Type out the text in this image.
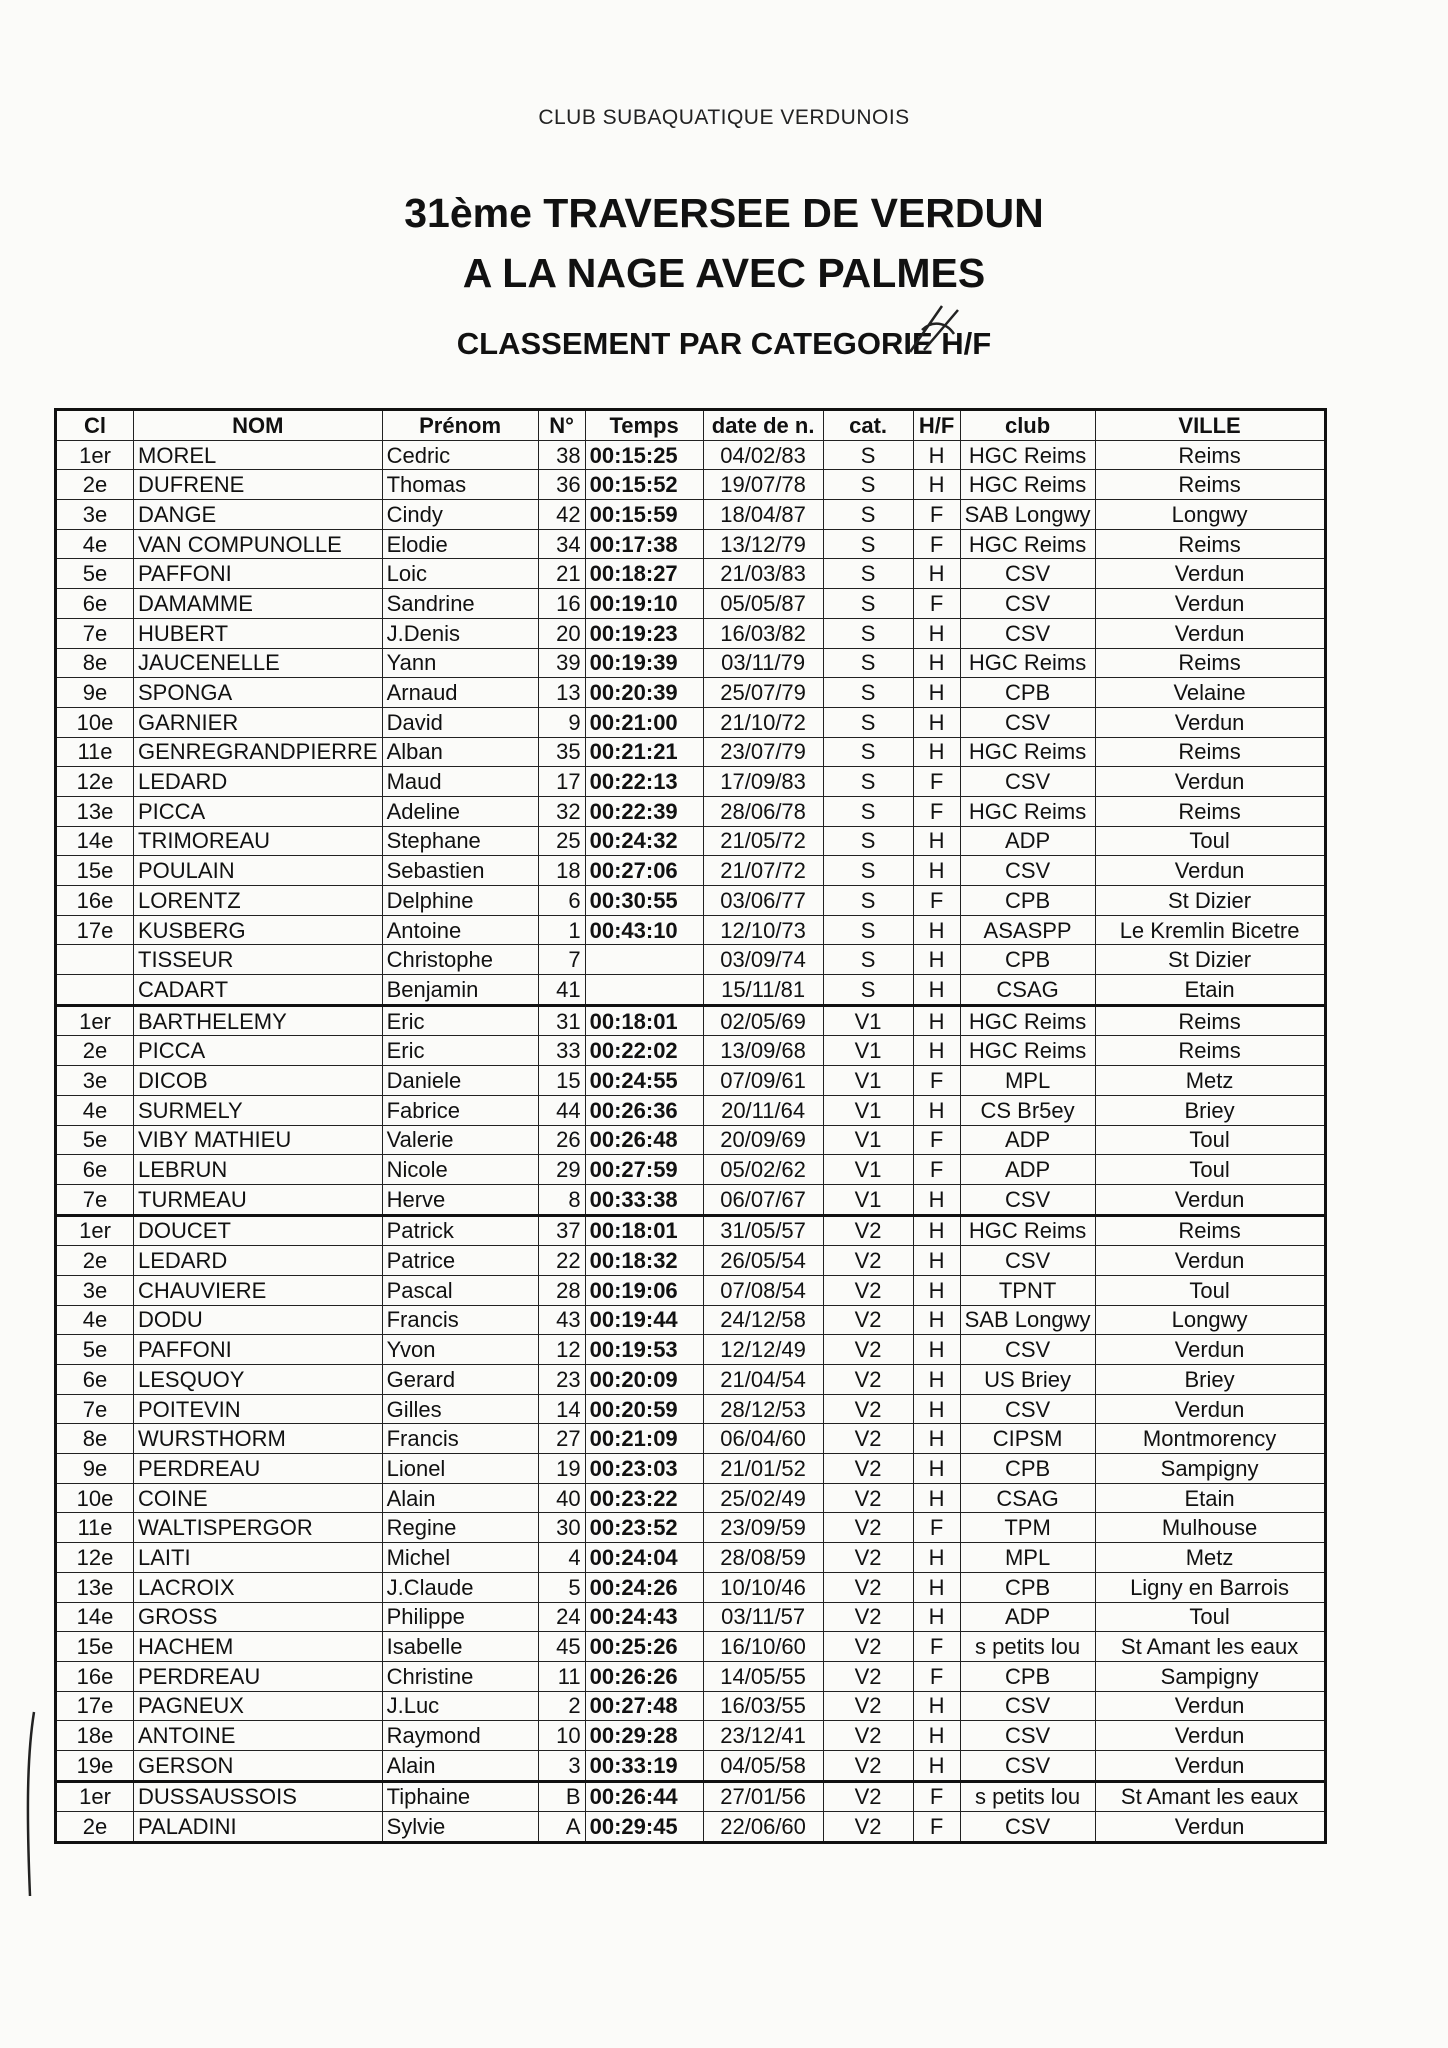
CLUB SUBAQUATIQUE VERDUNOIS
31ème TRAVERSEE DE VERDUN
A LA NAGE AVEC PALMES
CLASSEMENT PAR CATEGORIE H/F
Cl	NOM	Prénom	N°	Temps	date de n.	cat.	H/F	club	VILLE
1er	MOREL	Cedric	38	00:15:25	04/02/83	S	H	HGC Reims	Reims
2e	DUFRENE	Thomas	36	00:15:52	19/07/78	S	H	HGC Reims	Reims
3e	DANGE	Cindy	42	00:15:59	18/04/87	S	F	SAB Longwy	Longwy
4e	VAN COMPUNOLLE	Elodie	34	00:17:38	13/12/79	S	F	HGC Reims	Reims
5e	PAFFONI	Loic	21	00:18:27	21/03/83	S	H	CSV	Verdun
6e	DAMAMME	Sandrine	16	00:19:10	05/05/87	S	F	CSV	Verdun
7e	HUBERT	J.Denis	20	00:19:23	16/03/82	S	H	CSV	Verdun
8e	JAUCENELLE	Yann	39	00:19:39	03/11/79	S	H	HGC Reims	Reims
9e	SPONGA	Arnaud	13	00:20:39	25/07/79	S	H	CPB	Velaine
10e	GARNIER	David	9	00:21:00	21/10/72	S	H	CSV	Verdun
11e	GENREGRANDPIERRE	Alban	35	00:21:21	23/07/79	S	H	HGC Reims	Reims
12e	LEDARD	Maud	17	00:22:13	17/09/83	S	F	CSV	Verdun
13e	PICCA	Adeline	32	00:22:39	28/06/78	S	F	HGC Reims	Reims
14e	TRIMOREAU	Stephane	25	00:24:32	21/05/72	S	H	ADP	Toul
15e	POULAIN	Sebastien	18	00:27:06	21/07/72	S	H	CSV	Verdun
16e	LORENTZ	Delphine	6	00:30:55	03/06/77	S	F	CPB	St Dizier
17e	KUSBERG	Antoine	1	00:43:10	12/10/73	S	H	ASASPP	Le Kremlin Bicetre
	TISSEUR	Christophe	7		03/09/74	S	H	CPB	St Dizier
	CADART	Benjamin	41		15/11/81	S	H	CSAG	Etain
1er	BARTHELEMY	Eric	31	00:18:01	02/05/69	V1	H	HGC Reims	Reims
2e	PICCA	Eric	33	00:22:02	13/09/68	V1	H	HGC Reims	Reims
3e	DICOB	Daniele	15	00:24:55	07/09/61	V1	F	MPL	Metz
4e	SURMELY	Fabrice	44	00:26:36	20/11/64	V1	H	CS Br5ey	Briey
5e	VIBY MATHIEU	Valerie	26	00:26:48	20/09/69	V1	F	ADP	Toul
6e	LEBRUN	Nicole	29	00:27:59	05/02/62	V1	F	ADP	Toul
7e	TURMEAU	Herve	8	00:33:38	06/07/67	V1	H	CSV	Verdun
1er	DOUCET	Patrick	37	00:18:01	31/05/57	V2	H	HGC Reims	Reims
2e	LEDARD	Patrice	22	00:18:32	26/05/54	V2	H	CSV	Verdun
3e	CHAUVIERE	Pascal	28	00:19:06	07/08/54	V2	H	TPNT	Toul
4e	DODU	Francis	43	00:19:44	24/12/58	V2	H	SAB Longwy	Longwy
5e	PAFFONI	Yvon	12	00:19:53	12/12/49	V2	H	CSV	Verdun
6e	LESQUOY	Gerard	23	00:20:09	21/04/54	V2	H	US Briey	Briey
7e	POITEVIN	Gilles	14	00:20:59	28/12/53	V2	H	CSV	Verdun
8e	WURSTHORM	Francis	27	00:21:09	06/04/60	V2	H	CIPSM	Montmorency
9e	PERDREAU	Lionel	19	00:23:03	21/01/52	V2	H	CPB	Sampigny
10e	COINE	Alain	40	00:23:22	25/02/49	V2	H	CSAG	Etain
11e	WALTISPERGOR	Regine	30	00:23:52	23/09/59	V2	F	TPM	Mulhouse
12e	LAITI	Michel	4	00:24:04	28/08/59	V2	H	MPL	Metz
13e	LACROIX	J.Claude	5	00:24:26	10/10/46	V2	H	CPB	Ligny en Barrois
14e	GROSS	Philippe	24	00:24:43	03/11/57	V2	H	ADP	Toul
15e	HACHEM	Isabelle	45	00:25:26	16/10/60	V2	F	s petits lou	St Amant les eaux
16e	PERDREAU	Christine	11	00:26:26	14/05/55	V2	F	CPB	Sampigny
17e	PAGNEUX	J.Luc	2	00:27:48	16/03/55	V2	H	CSV	Verdun
18e	ANTOINE	Raymond	10	00:29:28	23/12/41	V2	H	CSV	Verdun
19e	GERSON	Alain	3	00:33:19	04/05/58	V2	H	CSV	Verdun
1er	DUSSAUSSOIS	Tiphaine	B	00:26:44	27/01/56	V2	F	s petits lou	St Amant les eaux
2e	PALADINI	Sylvie	A	00:29:45	22/06/60	V2	F	CSV	Verdun
